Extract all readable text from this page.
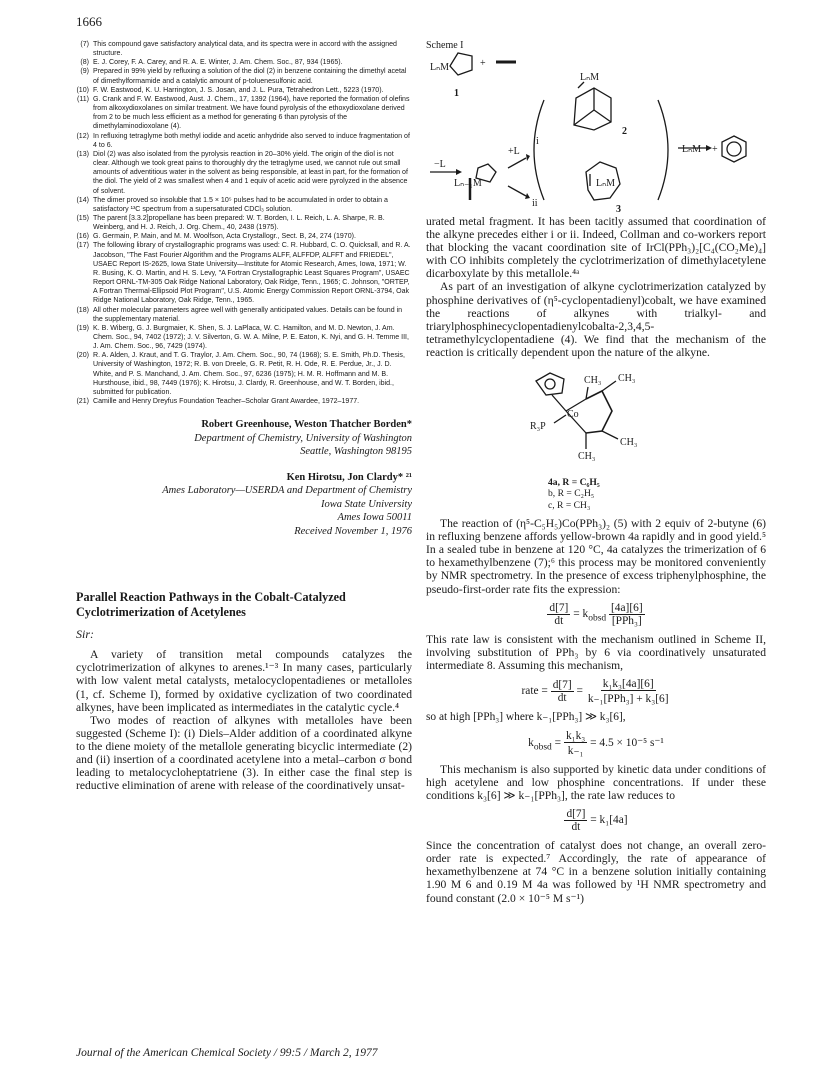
1666
(7) This compound gave satisfactory analytical data, and its spectra were in accord with the assigned structure.
(8) E. J. Corey, F. A. Carey, and R. A. E. Winter, J. Am. Chem. Soc., 87, 934 (1965).
(9) Prepared in 99% yield by refluxing a solution of the diol (2) in benzene containing the dimethyl acetal of dimethylformamide and a catalytic amount of p-toluenesulfonic acid.
(10) F. W. Eastwood, K. U. Harrington, J. S. Josan, and J. L. Pura, Tetrahedron Lett., 5223 (1970).
(11) G. Crank and F. W. Eastwood, Aust. J. Chem., 17, 1392 (1964), have reported the formation of olefins from alkoxydioxolanes on similar treatment. We have found pyrolysis of the ethoxydioxolane derived from 2 to be much less efficient as a method for generating 6 than pyrolysis of the dimethylaminodioxolane (4).
(12) In refluxing tetraglyme both methyl iodide and acetic anhydride also served to induce fragmentation of 4 to 6.
(13) Diol (2) was also isolated from the pyrolysis reaction in 20–30% yield. The origin of the diol is not clear. Although we took great pains to thoroughly dry the tetraglyme used, we cannot rule out small amounts of adventitious water in the solvent as being responsible, at least in part, for the formation of the diol. The yield of 2 was smallest when 4 and 1 equiv of acetic acid were pyrolyzed in the absence of solvent.
(14) The dimer proved so insoluble that 1.5 × 10⁵ pulses had to be accumulated in order to obtain a satisfactory ¹³C spectrum from a supersaturated CDCl₃ solution.
(15) The parent [3.3.2]propellane has been prepared: W. T. Borden, I. L. Reich, L. A. Sharpe, R. B. Weinberg, and H. J. Reich, J. Org. Chem., 40, 2438 (1975).
(16) G. Germain, P. Main, and M. M. Woolfson, Acta Crystallogr., Sect. B, 24, 274 (1970).
(17) The following library of crystallographic programs was used: C. R. Hubbard, C. O. Quicksall, and R. A. Jacobson, "The Fast Fourier Algorithm and the Programs ALFF, ALFFDP, ALFFT and FRIEDEL", USAEC Report IS-2625, Iowa State University—Institute for Atomic Research, Ames, Iowa, 1971; W. R. Busing, K. O. Martin, and H. S. Levy, "A Fortran Crystallographic Least Squares Program", USAEC Report ORNL-TM-305 Oak Ridge National Laboratory, Oak Ridge, Tenn., 1965; C. Johnson, "ORTEP, A Fortran Thermal-Ellipsoid Plot Program", U.S. Atomic Energy Commission Report ORNL-3794, Oak Ridge National Laboratory, Oak Ridge, Tenn., 1965.
(18) All other molecular parameters agree well with generally anticipated values. Details can be found in the supplementary material.
(19) K. B. Wiberg, G. J. Burgmaier, K. Shen, S. J. LaPlaca, W. C. Hamilton, and M. D. Newton, J. Am. Chem. Soc., 94, 7402 (1972); J. V. Silverton, G. W. A. Milne, P. E. Eaton, K. Nyi, and G. H. Temme III, J. Am. Chem. Soc., 96, 7429 (1974).
(20) R. A. Alden, J. Kraut, and T. G. Traylor, J. Am. Chem. Soc., 90, 74 (1968); S. E. Smith, Ph.D. Thesis, University of Washington, 1972; R. B. von Dreele, G. R. Petit, R. H. Ode, R. E. Perdue, Jr., J. D. White, and P. S. Manchand, J. Am. Chem. Soc., 97, 6236 (1975); H. M. R. Hoffmann and M. B. Hursthouse, ibid., 98, 7449 (1976); K. Hirotsu, J. Clardy, R. Greenhouse, and W. T. Borden, ibid., submitted for publication.
(21) Camille and Henry Dreyfus Foundation Teacher–Scholar Grant Awardee, 1972–1977.
Robert Greenhouse, Weston Thatcher Borden*
Department of Chemistry, University of Washington
Seattle, Washington 98195
Ken Hirotsu, Jon Clardy* ²¹
Ames Laboratory—USERDA and Department of Chemistry
Iowa State University
Ames Iowa 50011
Received November 1, 1976
Parallel Reaction Pathways in the Cobalt-Catalyzed Cyclotrimerization of Acetylenes
Sir:

A variety of transition metal compounds catalyzes the cyclotrimerization of alkynes to arenes.¹⁻³ In many cases, particularly with low valent metal catalysts, metalocyclopentadienes or metalloles (1, cf. Scheme I), formed by oxidative cyclization of two coordinated alkynes, have been implicated as intermediates in the catalytic cycle.⁴

Two modes of reaction of alkynes with metalloles have been suggested (Scheme I): (i) Diels–Alder addition of a coordinated alkyne to the diene moiety of the metallole generating bicyclic intermediate (2) and (ii) insertion of a coordinated acetylene into a metal–carbon σ bond leading to metalocycloheptatriene (3). In either case the final step is reductive elimination of arene with release of the coordinatively unsat-

Scheme I
LₙM	+
1
LₙM
2
LₙM
3
−L
Lₙ₋₁M
+L
i
ii
LₙM +

urated metal fragment. It has been tacitly assumed that coordination of the alkyne precedes either i or ii. Indeed, Collman and co-workers report that blocking the vacant coordination site of IrCl(PPh₃)₂[C₄(CO₂Me)₄] with CO inhibits completely the cyclotrimerization of dimethylacetylene dicarboxylate by this metallole.⁴ᵃ

As part of an investigation of alkyne cyclotrimerization catalyzed by phosphine derivatives of (η⁵-cyclopentadienyl)cobalt, we have examined the reactions of alkynes with trialkyl- and triarylphosphinecyclopentadienylcobalta-2,3,4,5-tetramethylcyclopentadiene (4). We find that the mechanism of the reaction is critically dependent upon the nature of the alkyne.

CH₃ CH₃
CH₃
CH₃
Co
R₃P
4a, R = C₆H₅
b, R = C₂H₅
c, R = CH₃

The reaction of (η⁵-C₅H₅)Co(PPh₃)₂ (5) with 2 equiv of 2-butyne (6) in refluxing benzene affords yellow-brown 4a rapidly and in good yield.⁵ In a sealed tube in benzene at 120 °C, 4a catalyzes the trimerization of 6 to hexamethylbenzene (7);⁶ this process may be monitored conveniently by NMR spectrometry. In the presence of excess triphenylphosphine, the pseudo-first-order rate fits the expression:

$\frac{d[7]}{dt} = k_{obsd} \frac{[4a][6]}{\text{[PPh₃]}}$

This rate law is consistent with the mechanism outlined in Scheme II, involving substitution of PPh₃ by 6 via coordinatively unsaturated intermediate 8. Assuming this mechanism,

rate = $\frac{d[7]}{dt} = \frac{\text{k₁k₃[4a][6]}}{\text{k₋₁[PPh₃] + k₃[6]}}$
so at high [PPh₃] where k₋₁[PPh₃] ≫ k₃[6],
$k_{obsd} = \frac{\text{k₁k₃}}{\text{k₋₁}} = 4.5 \times 10^{-5}$ s⁻¹

This mechanism is also supported by kinetic data under conditions of high acetylene and low phosphine concentrations. If under these conditions k₃[6] ≫ k₋₁[PPh₃], the rate law reduces to

$\frac{d[7]}{dt} = k_1[4a]$

Since the concentration of catalyst does not change, an overall zero-order rate is expected.⁷ Accordingly, the rate of appearance of hexamethylbenzene at 74 °C in a benzene solution initially containing 1.90 M 6 and 0.19 M 4a was followed by ¹H NMR spectrometry and found constant (2.0 × 10⁻⁵ M s⁻¹)

Journal of the American Chemical Society / 99:5 / March 2, 1977
